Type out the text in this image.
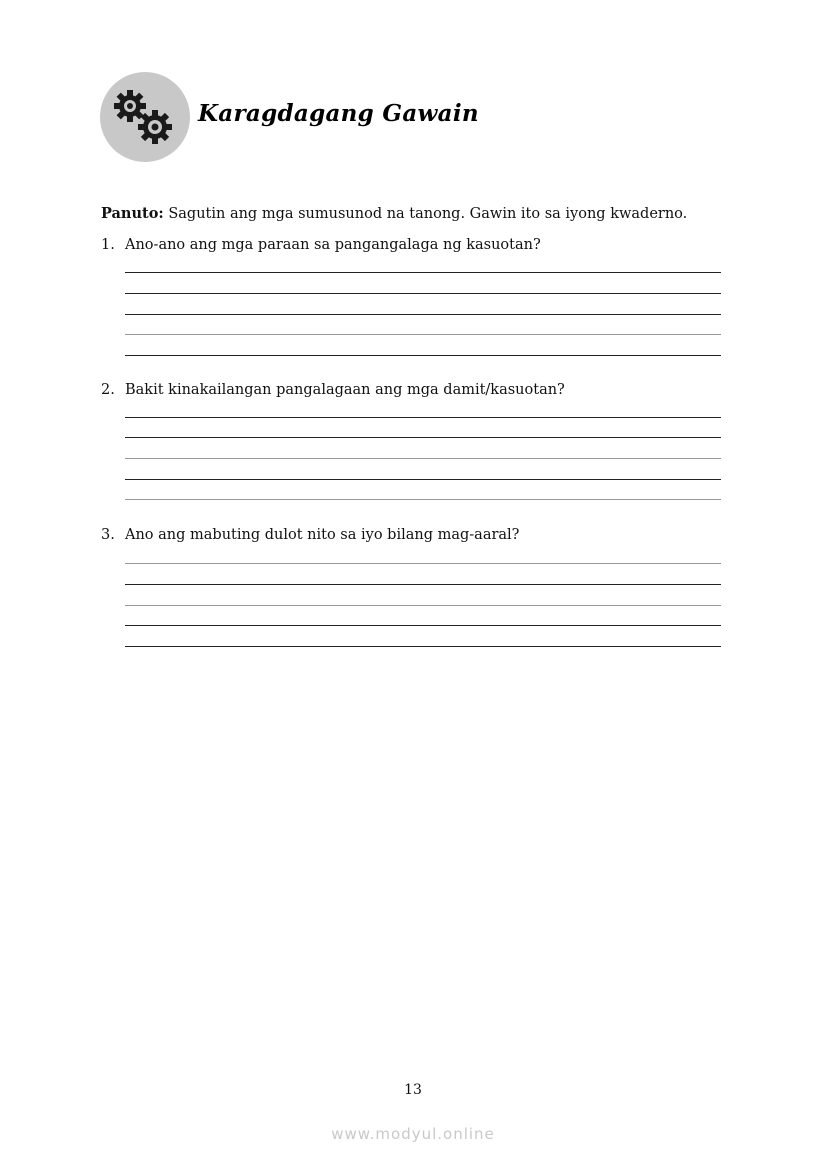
Karagdagang Gawain
Panuto: Sagutin ang mga sumusunod na tanong. Gawin ito sa iyong kwaderno.
1. Ano-ano ang mga paraan sa pangangalaga ng kasuotan?
2. Bakit kinakailangan pangalagaan ang mga damit/kasuotan?
3. Ano ang mabuting dulot nito sa iyo bilang mag-aaral?
13
www.modyul.online
